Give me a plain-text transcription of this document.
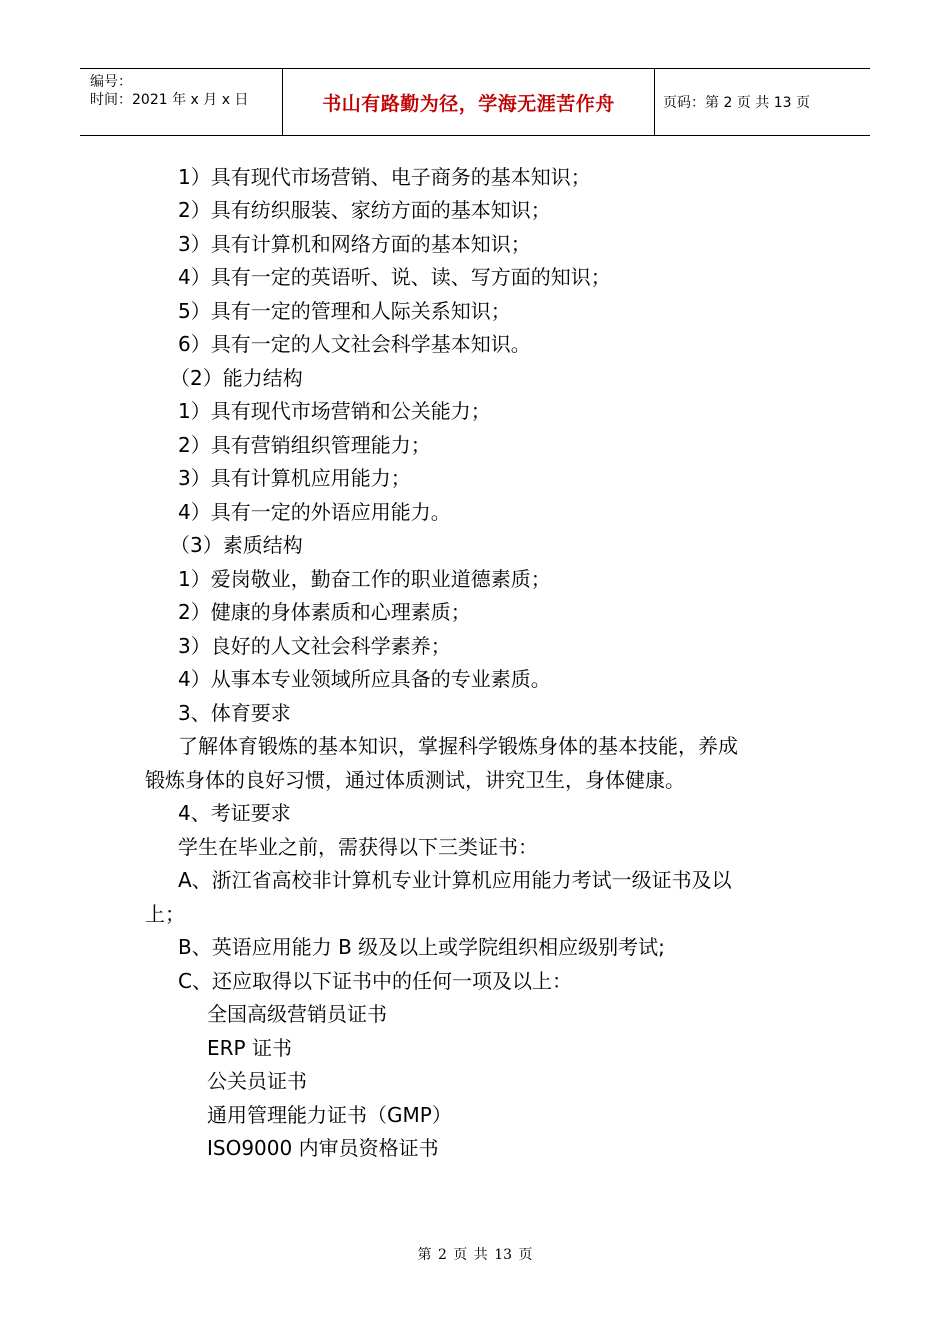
编号：
时间：2021 年 x 月 x 日	书山有路勤为径，学海无涯苦作舟	页码：第 2 页 共 13 页
1）具有现代市场营销、电子商务的基本知识；
2）具有纺织服装、家纺方面的基本知识；
3）具有计算机和网络方面的基本知识；
4）具有一定的英语听、说、读、写方面的知识；
5）具有一定的管理和人际关系知识；
6）具有一定的人文社会科学基本知识。
（2）能力结构
1）具有现代市场营销和公关能力；
2）具有营销组织管理能力；
3）具有计算机应用能力；
4）具有一定的外语应用能力。
（3）素质结构
1）爱岗敬业，勤奋工作的职业道德素质；
2）健康的身体素质和心理素质；
3）良好的人文社会科学素养；
4）从事本专业领域所应具备的专业素质。
3、体育要求
了解体育锻炼的基本知识，掌握科学锻炼身体的基本技能，养成
锻炼身体的良好习惯，通过体质测试，讲究卫生，身体健康。
4、考证要求
学生在毕业之前，需获得以下三类证书：
A、浙江省高校非计算机专业计算机应用能力考试一级证书及以
上；
B、英语应用能力 B 级及以上或学院组织相应级别考试;
C、还应取得以下证书中的任何一项及以上：
全国高级营销员证书
ERP 证书
公关员证书
通用管理能力证书（GMP）
ISO9000 内审员资格证书
第 2 页 共 13 页
